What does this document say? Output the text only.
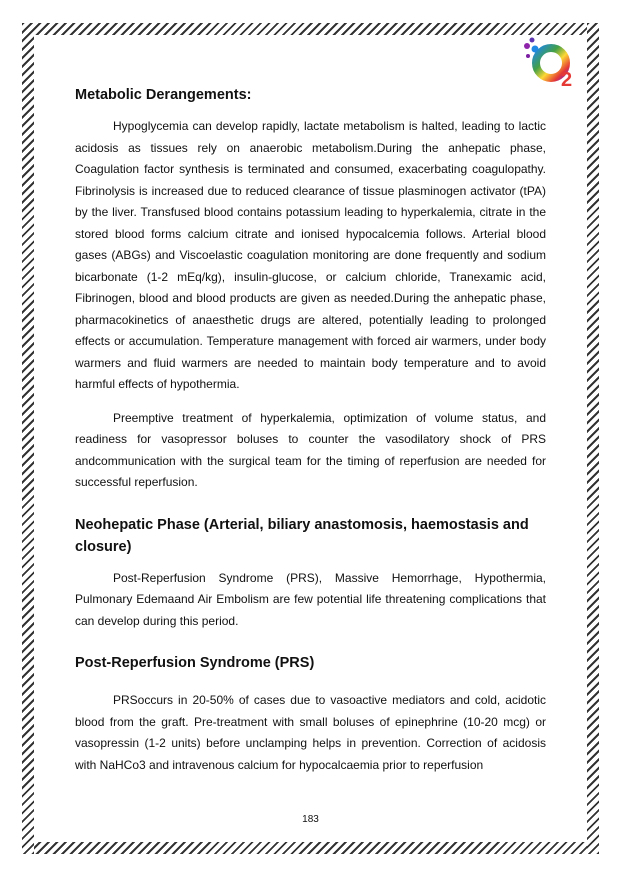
2
Metabolic Derangements:

Hypoglycemia can develop rapidly, lactate metabolism is halted, leading to lactic acidosis as tissues rely on anaerobic metabolism.During the anhepatic phase, Coagulation factor synthesis is terminated and consumed, exacerbating coagulopathy. Fibrinolysis is increased due to reduced clearance of tissue plasminogen activator (tPA) by the liver. Transfused blood contains potassium leading to hyperkalemia, citrate in the stored blood forms calcium citrate and ionised hypocalcemia follows. Arterial blood gases (ABGs) and Viscoelastic coagulation monitoring are done frequently and sodium bicarbonate (1-2 mEq/kg), insulin-glucose, or calcium chloride, Tranexamic acid, Fibrinogen, blood and blood products are given as needed.During the anhepatic phase, pharmacokinetics of anaesthetic drugs are altered, potentially leading to prolonged effects or accumulation. Temperature management with forced air warmers, under body warmers and fluid warmers are needed to maintain body temperature and to avoid harmful effects of hypothermia.

Preemptive treatment of hyperkalemia, optimization of volume status, and readiness for vasopressor boluses to counter the vasodilatory shock of PRS andcommunication with the surgical team for the timing of reperfusion are needed for successful reperfusion.

Neohepatic Phase (Arterial, biliary anastomosis, haemostasis and closure)

Post-Reperfusion Syndrome (PRS), Massive Hemorrhage, Hypothermia, Pulmonary Edemaand Air Embolism are few potential life threatening complications that can develop during this period.

Post-Reperfusion Syndrome (PRS)

PRSoccurs in 20-50% of cases due to vasoactive mediators and cold, acidotic blood from the graft. Pre-treatment with small boluses of epinephrine (10-20 mcg) or vasopressin (1-2 units) before unclamping helps in prevention. Correction of acidosis with NaHCo3 and intravenous calcium for hypocalcaemia prior to reperfusion

183
